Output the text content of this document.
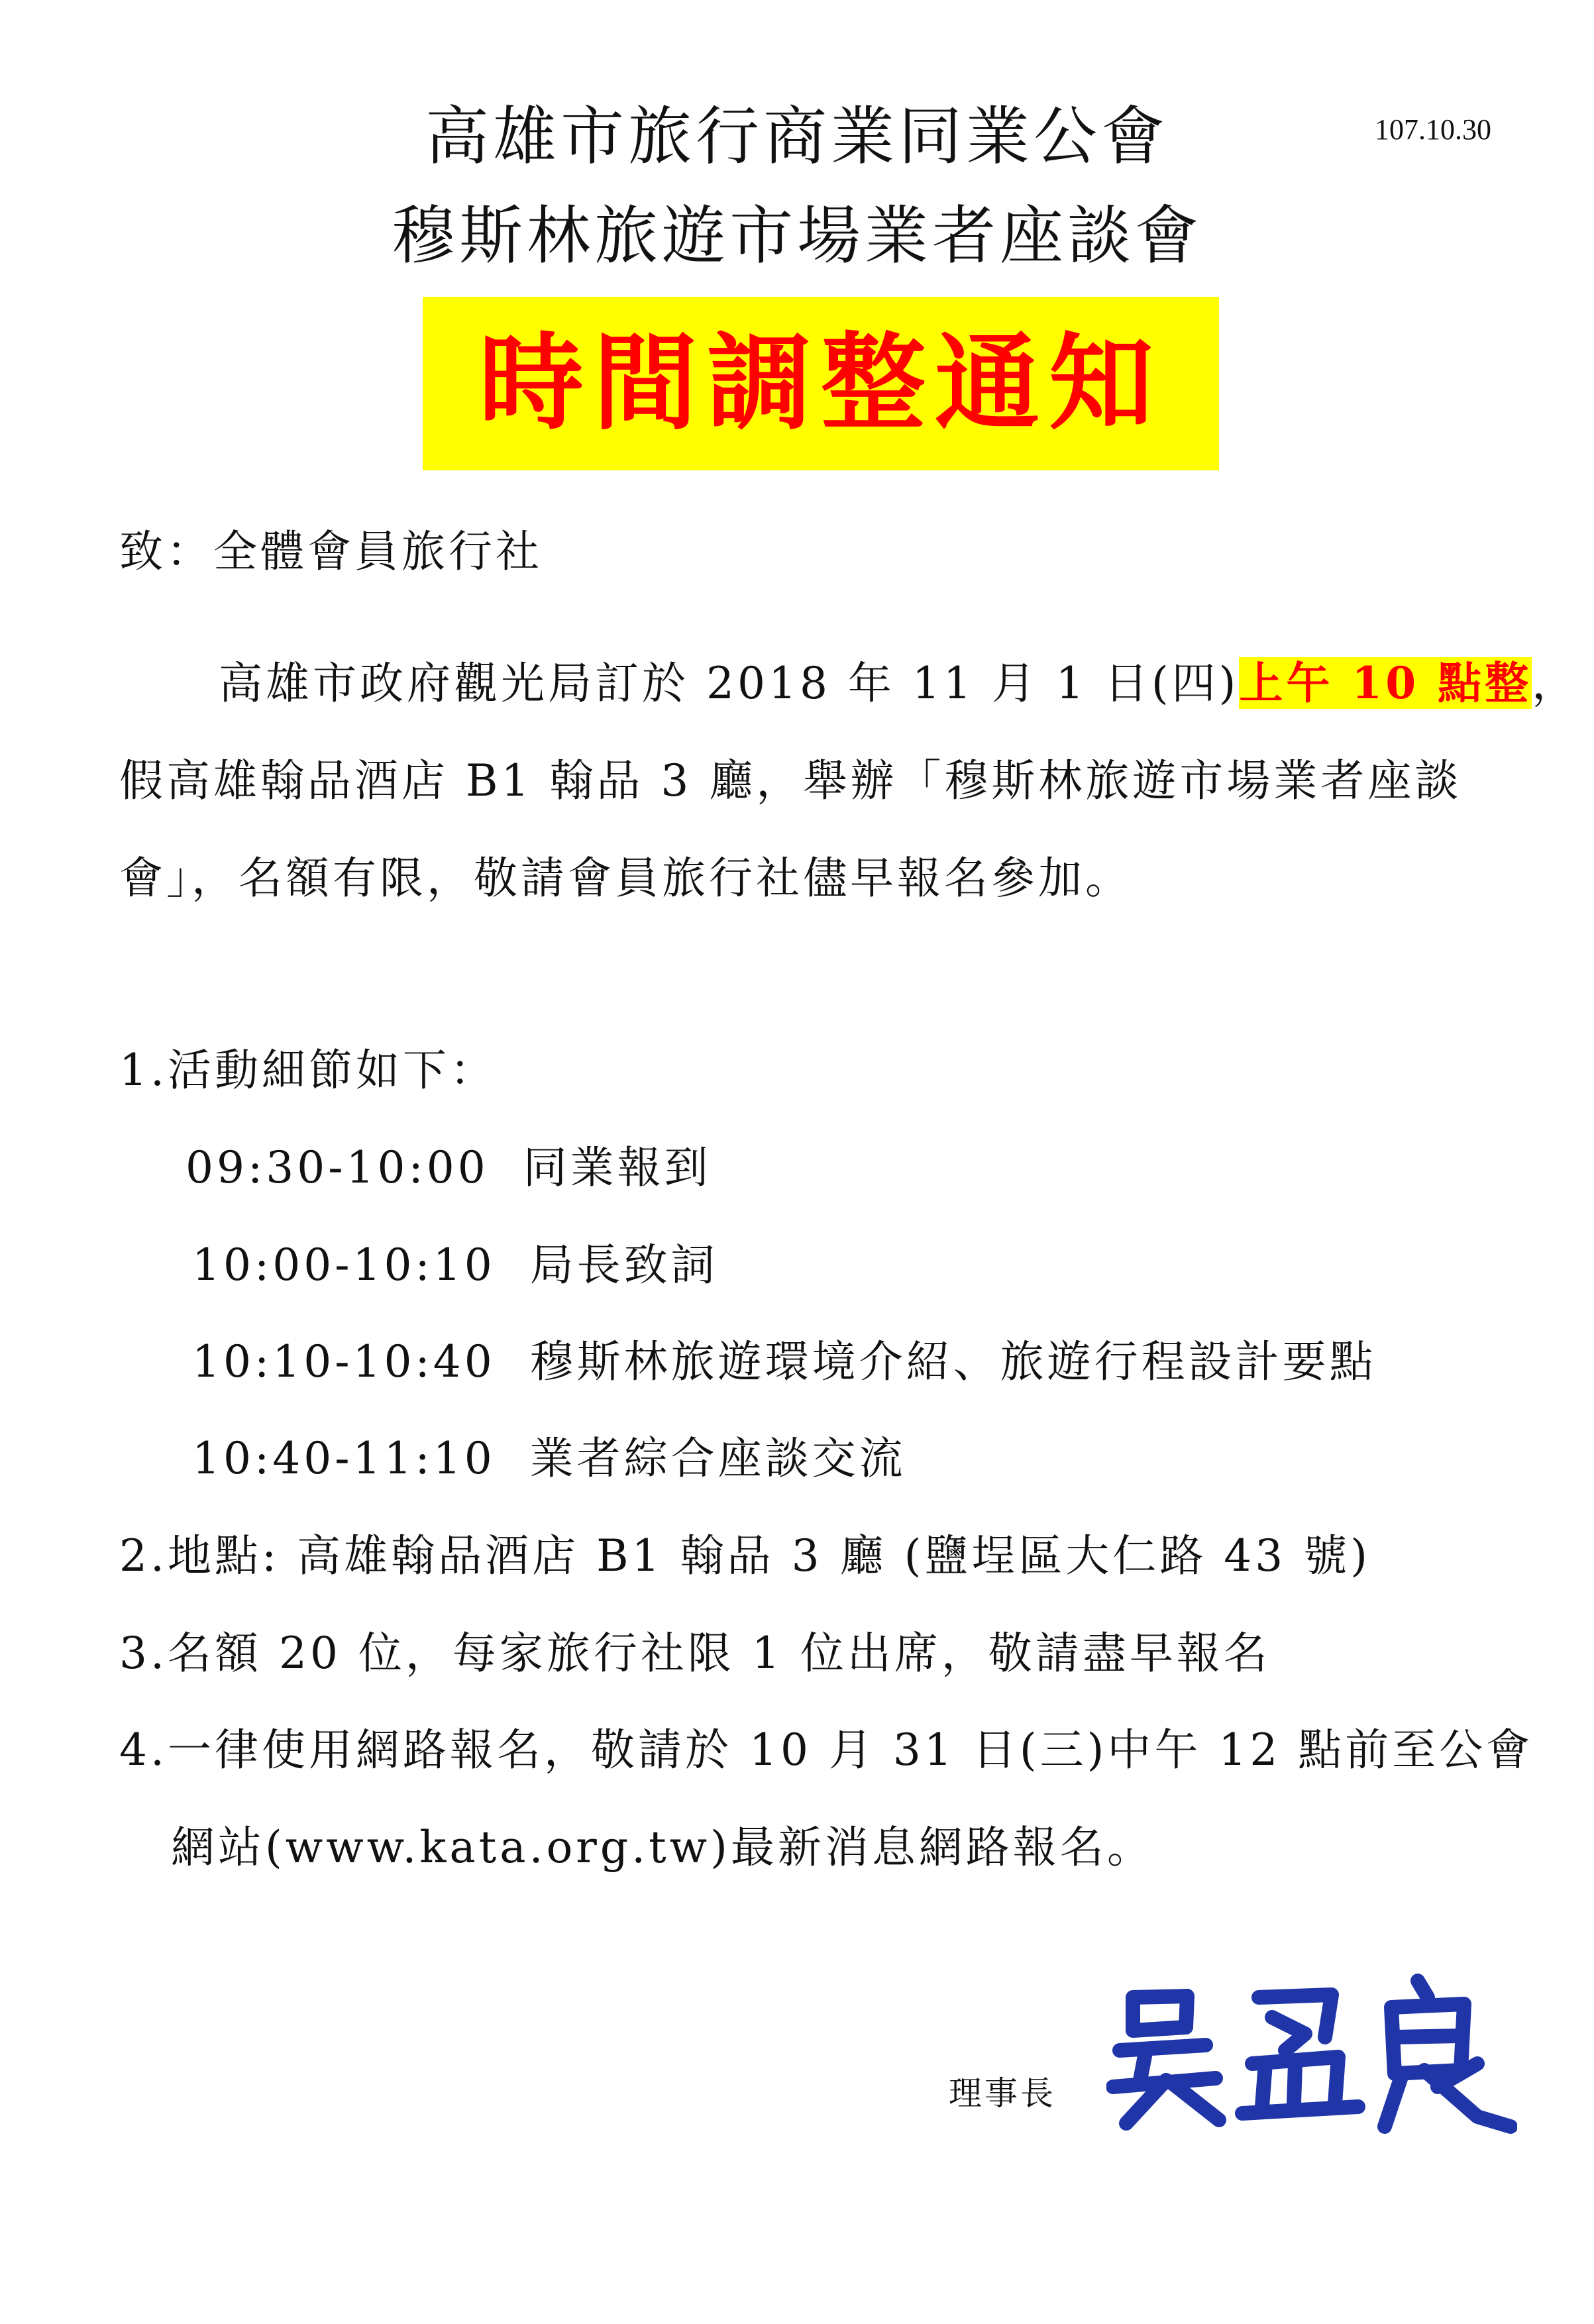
高雄市旅行商業同業公會
穆斯林旅遊市場業者座談會
107.10.30
時間調整通知
致：全體會員旅行社
高雄市政府觀光局訂於 2018 年 11 月 1 日(四)上午 10 點整，
假高雄翰品酒店 B1 翰品 3 廳，舉辦「穆斯林旅遊市場業者座談
會」，名額有限，敬請會員旅行社儘早報名參加。
1.活動細節如下：
09:30-10:00 同業報到
10:00-10:10 局長致詞
10:10-10:40 穆斯林旅遊環境介紹、旅遊行程設計要點
10:40-11:10 業者綜合座談交流
2.地點: 高雄翰品酒店 B1 翰品 3 廳 (鹽埕區大仁路 43 號)
3.名額 20 位，每家旅行社限 1 位出席，敬請盡早報名
4.一律使用網路報名，敬請於 10 月 31 日(三)中午 12 點前至公會
網站(www.kata.org.tw)最新消息網路報名。
理事長
